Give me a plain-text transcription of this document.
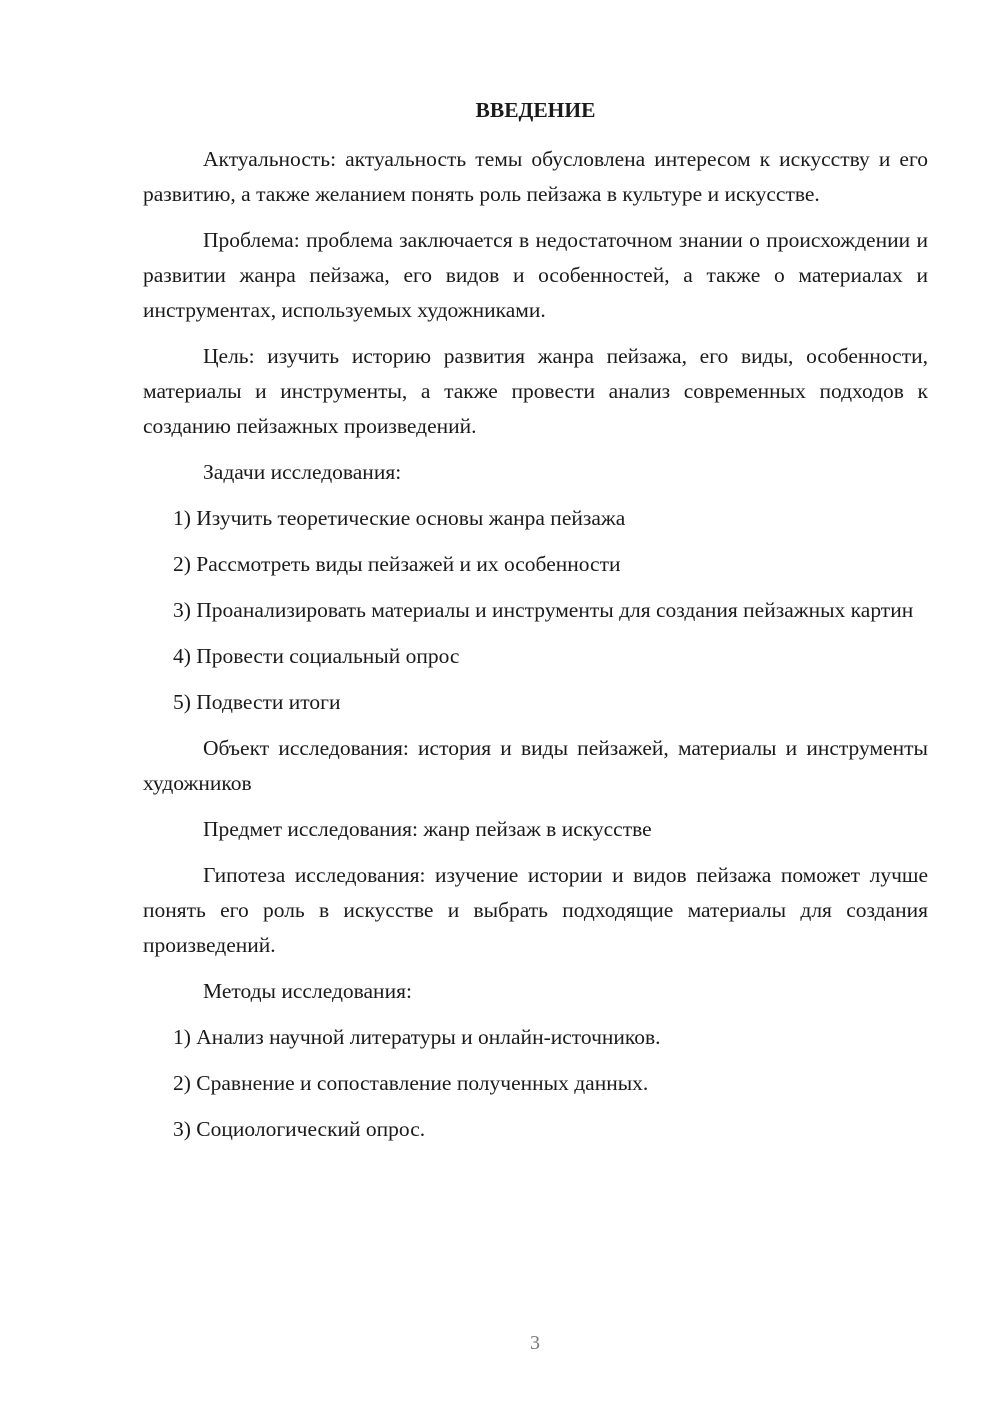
ВВЕДЕНИЕ

Актуальность: актуальность темы обусловлена интересом к искусству и его развитию, а также желанием понять роль пейзажа в культуре и искусстве.

Проблема: проблема заключается в недостаточном знании о происхождении и развитии жанра пейзажа, его видов и особенностей, а также о материалах и инструментах, используемых художниками.

Цель: изучить историю развития жанра пейзажа, его виды, особенности, материалы и инструменты, а также провести анализ современных подходов к созданию пейзажных произведений.

Задачи исследования:

1) Изучить теоретические основы жанра пейзажа

2) Рассмотреть виды пейзажей и их особенности

3) Проанализировать материалы и инструменты для создания пейзажных картин

4) Провести социальный опрос

5) Подвести итоги

Объект исследования: история и виды пейзажей, материалы и инструменты художников

Предмет исследования: жанр пейзаж в искусстве

Гипотеза исследования: изучение истории и видов пейзажа поможет лучше понять его роль в искусстве и выбрать подходящие материалы для создания произведений.

Методы исследования:

1) Анализ научной литературы и онлайн-источников.

2) Сравнение и сопоставление полученных данных.

3) Социологический опрос.

3
